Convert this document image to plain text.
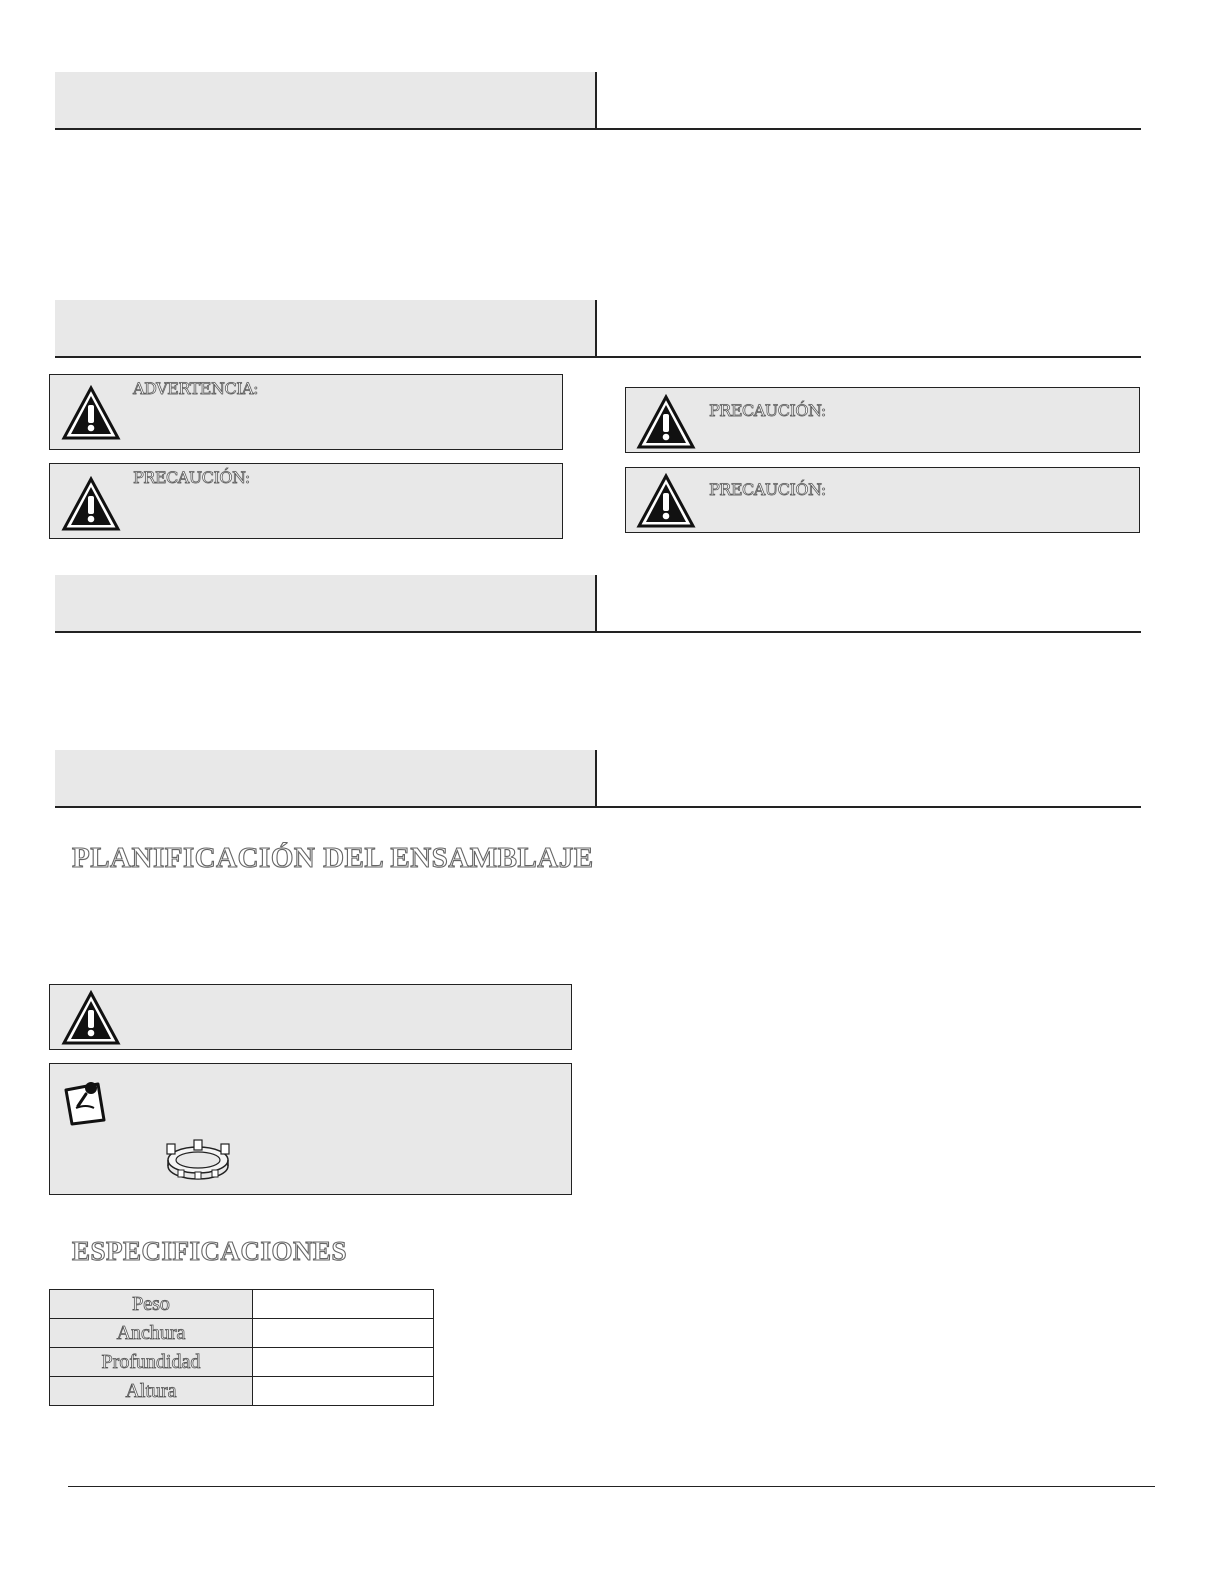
ADVERTENCIA:
PRECAUCIÓN:
PRECAUCIÓN:
PRECAUCIÓN:
PLANIFICACIÓN DEL ENSAMBLAJE
ESPECIFICACIONES
Peso	
Anchura	
Profundidad	
Altura	
